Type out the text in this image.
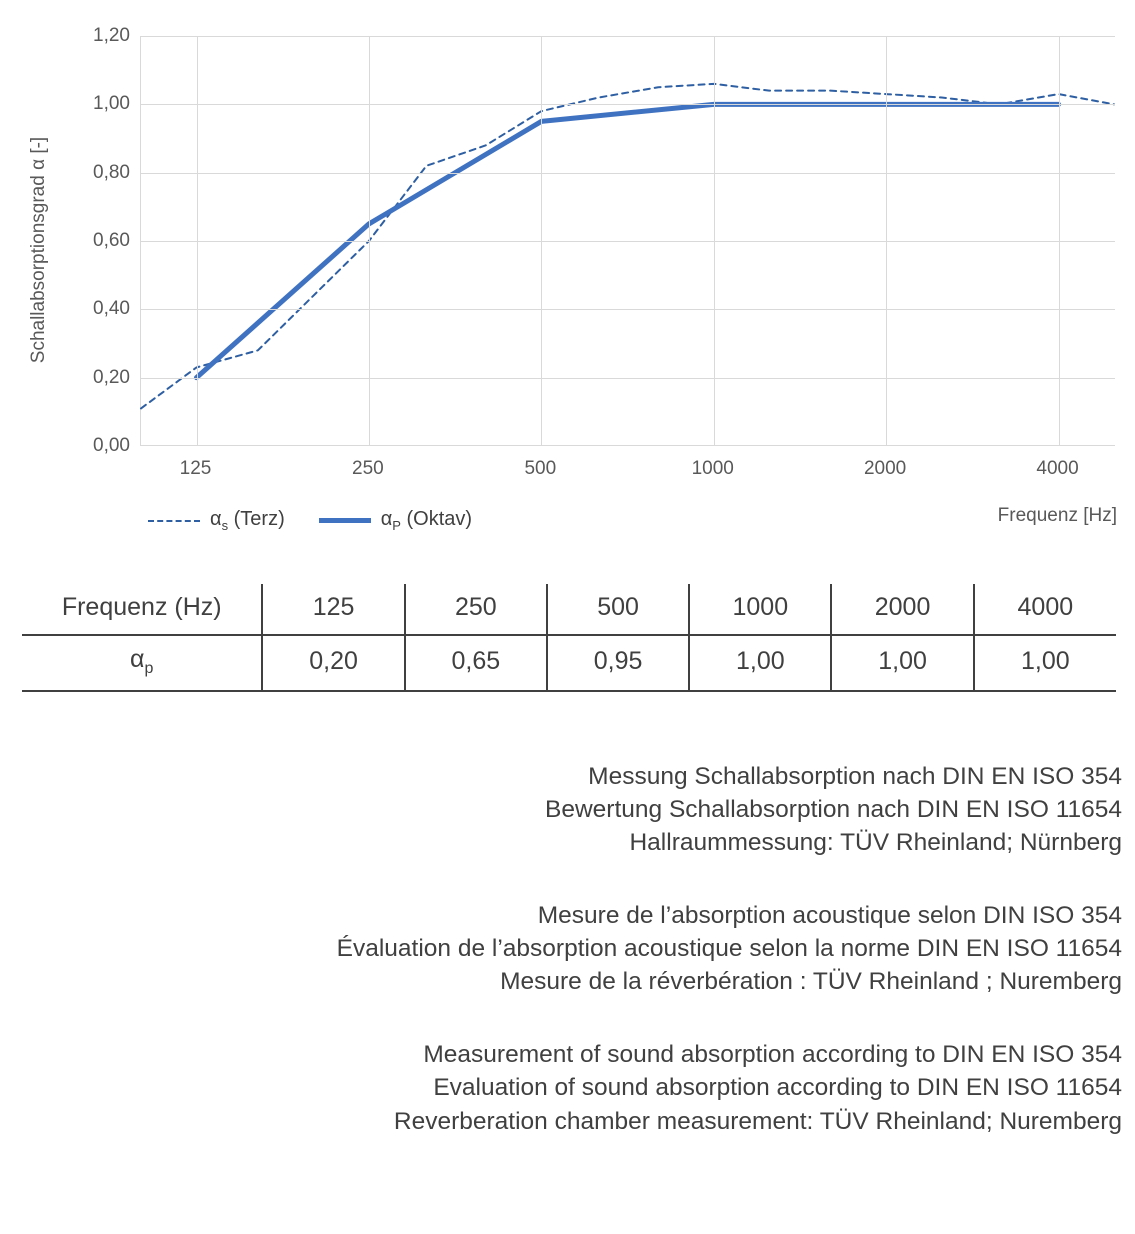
Schallabsorptionsgrad α [-]
0,00
0,20
0,40
0,60
0,80
1,00
1,20
125	250	500	1000	2000	4000
Frequenz [Hz]
$\alpha_s$ (Terz)	$\alpha_P$ (Oktav)
Frequenz (Hz)	125	250	500	1000	2000	4000
$\alpha_p$	0,20	0,65	0,95	1,00	1,00	1,00
Messung Schallabsorption nach DIN EN ISO 354
Bewertung Schallabsorption nach DIN EN ISO 11654
Hallraummessung: TÜV Rheinland; Nürnberg
Mesure de l’absorption acoustique selon DIN ISO 354
Évaluation de l’absorption acoustique selon la norme DIN EN ISO 11654
Mesure de la réverbération : TÜV Rheinland ; Nuremberg
Measurement of sound absorption according to DIN EN ISO 354
Evaluation of sound absorption according to DIN EN ISO 11654
Reverberation chamber measurement: TÜV Rheinland; Nuremberg
